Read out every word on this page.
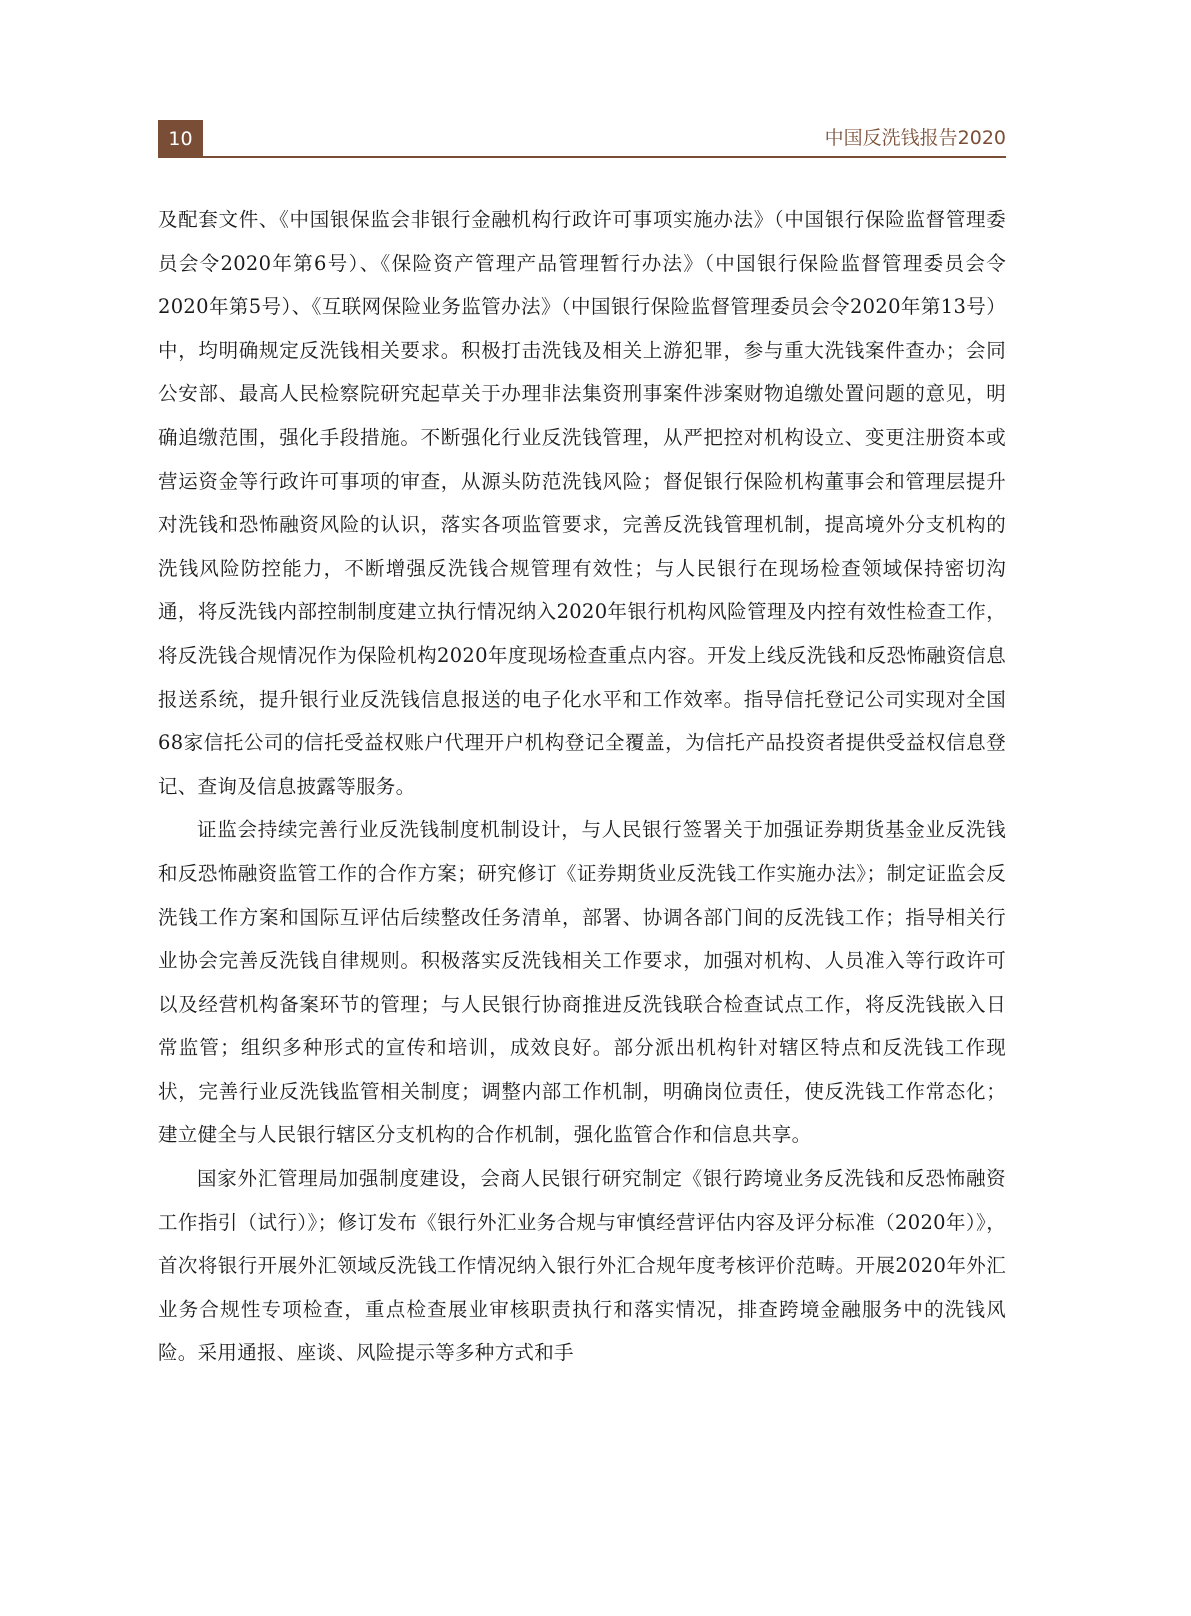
10	中国反洗钱报告2020

及配套文件、《中国银保监会非银行金融机构行政许可事项实施办法》（中国银行保险监督管理委员会令2020年第6号）、《保险资产管理产品管理暂行办法》（中国银行保险监督管理委员会令2020年第5号）、《互联网保险业务监管办法》（中国银行保险监督管理委员会令2020年第13号）中，均明确规定反洗钱相关要求。积极打击洗钱及相关上游犯罪，参与重大洗钱案件查办；会同公安部、最高人民检察院研究起草关于办理非法集资刑事案件涉案财物追缴处置问题的意见，明确追缴范围，强化手段措施。不断强化行业反洗钱管理，从严把控对机构设立、变更注册资本或营运资金等行政许可事项的审查，从源头防范洗钱风险；督促银行保险机构董事会和管理层提升对洗钱和恐怖融资风险的认识，落实各项监管要求，完善反洗钱管理机制，提高境外分支机构的洗钱风险防控能力，不断增强反洗钱合规管理有效性；与人民银行在现场检查领域保持密切沟通，将反洗钱内部控制制度建立执行情况纳入2020年银行机构风险管理及内控有效性检查工作，将反洗钱合规情况作为保险机构2020年度现场检查重点内容。开发上线反洗钱和反恐怖融资信息报送系统，提升银行业反洗钱信息报送的电子化水平和工作效率。指导信托登记公司实现对全国68家信托公司的信托受益权账户代理开户机构登记全覆盖，为信托产品投资者提供受益权信息登记、查询及信息披露等服务。

证监会持续完善行业反洗钱制度机制设计，与人民银行签署关于加强证券期货基金业反洗钱和反恐怖融资监管工作的合作方案；研究修订《证券期货业反洗钱工作实施办法》；制定证监会反洗钱工作方案和国际互评估后续整改任务清单，部署、协调各部门间的反洗钱工作；指导相关行业协会完善反洗钱自律规则。积极落实反洗钱相关工作要求，加强对机构、人员准入等行政许可以及经营机构备案环节的管理；与人民银行协商推进反洗钱联合检查试点工作，将反洗钱嵌入日常监管；组织多种形式的宣传和培训，成效良好。部分派出机构针对辖区特点和反洗钱工作现状，完善行业反洗钱监管相关制度；调整内部工作机制，明确岗位责任，使反洗钱工作常态化；建立健全与人民银行辖区分支机构的合作机制，强化监管合作和信息共享。

国家外汇管理局加强制度建设，会商人民银行研究制定《银行跨境业务反洗钱和反恐怖融资工作指引（试行）》；修订发布《银行外汇业务合规与审慎经营评估内容及评分标准（2020年）》，首次将银行开展外汇领域反洗钱工作情况纳入银行外汇合规年度考核评价范畴。开展2020年外汇业务合规性专项检查，重点检查展业审核职责执行和落实情况，排查跨境金融服务中的洗钱风险。采用通报、座谈、风险提示等多种方式和手
